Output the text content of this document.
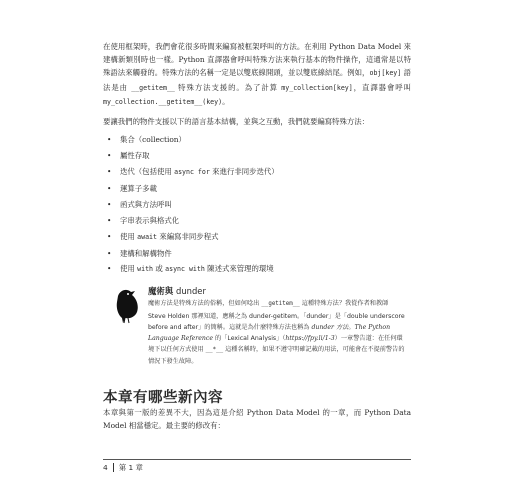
在使用框架時，我們會花很多時間來編寫被框架呼叫的方法。在利用 Python Data Model 來建構新類別時也一樣。Python 直譯器會呼叫特殊方法來執行基本的物件操作，這通常是以特殊語法來觸發的。特殊方法的名稱一定是以雙底線開頭，並以雙底線結尾。例如，obj[key] 語法是由 __getitem__ 特殊方法支援的。為了計算 my_collection[key]，直譯器會呼叫 my_collection.__getitem__(key)。

要讓我們的物件支援以下的語言基本結構，並與之互動，我們就要編寫特殊方法：

• 集合（collection）
• 屬性存取
• 迭代（包括使用 async for 來進行非同步迭代）
• 運算子多載
• 函式與方法呼叫
• 字串表示與格式化
• 使用 await 來編寫非同步程式
• 建構和解構物件
• 使用 with 或 async with 陳述式來管理的環境
魔術與 dunder
魔術方法是特殊方法的俗稱，但如何唸出 __getitem__ 這種特殊方法？我從作者和教師 Steve Holden 那裡知道，應稱之為 dunder-getitem。「dunder」是「double underscore before and after」的簡稱。這就是為什麼特殊方法也稱為 dunder 方法。The Python Language Reference 的「Lexical Analysis」（https://fpy.li/1-3）一章警告道：在任何環境下以任何方式使用 __*__ 這種名稱時，如果不遵守明確記載的用法，可能會在不提前警告的情況下發生故障。
本章有哪些新內容

本章與第一版的差異不大，因為這是介紹 Python Data Model 的一章，而 Python Data Model 相當穩定。最主要的修改有：

4 第 1 章
